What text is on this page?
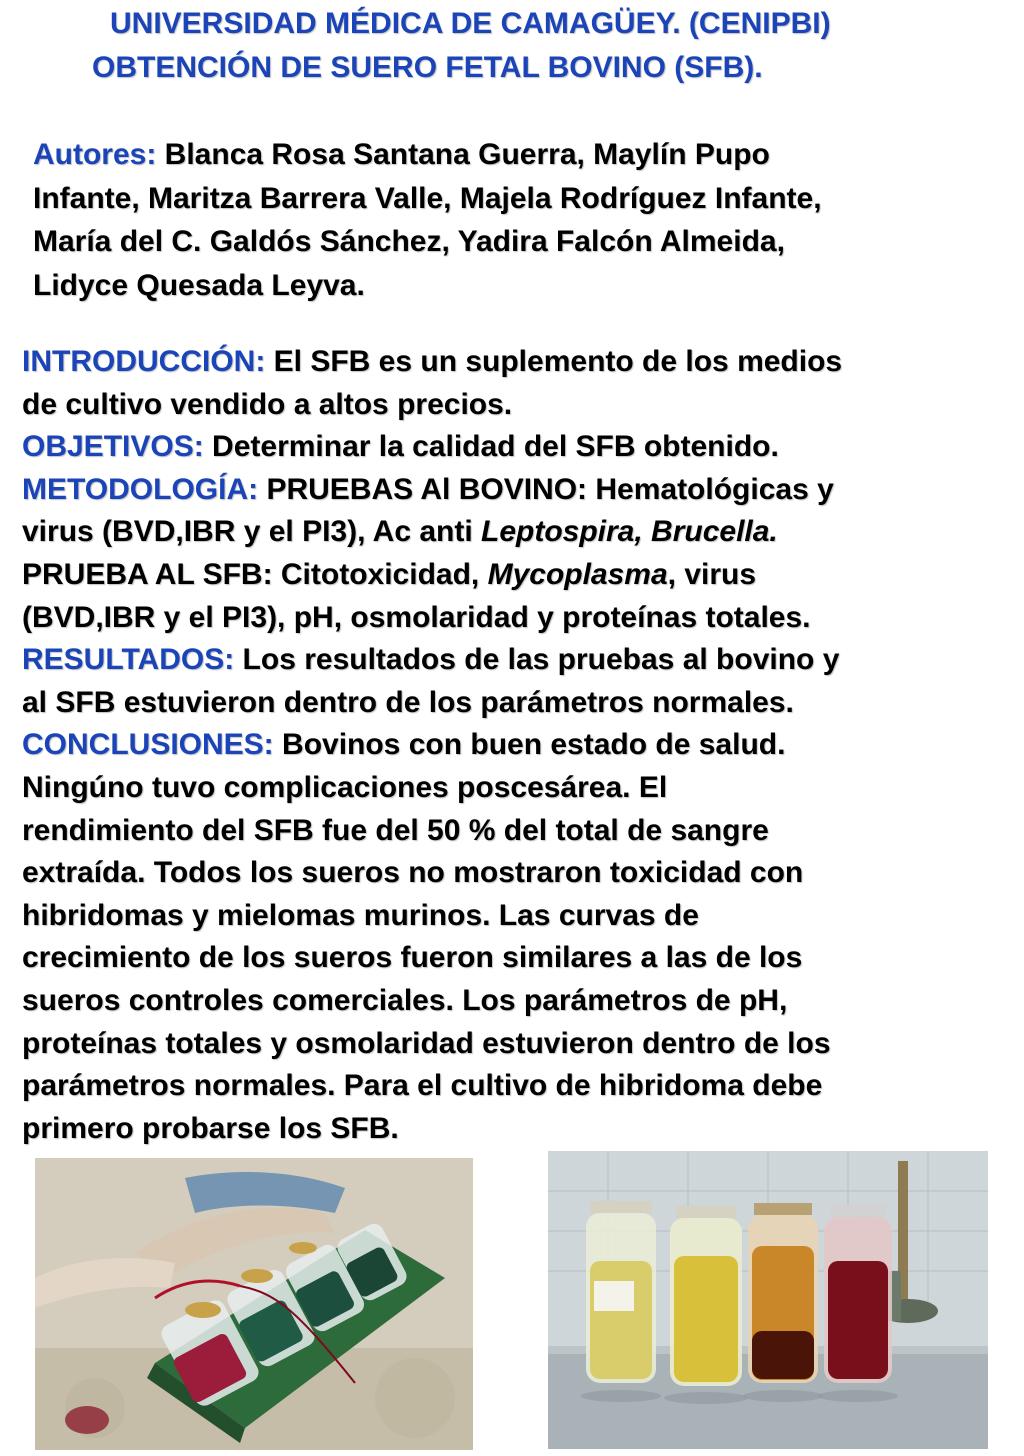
UNIVERSIDAD MÉDICA DE CAMAGÜEY. (CENIPBI)
OBTENCIÓN DE SUERO FETAL BOVINO (SFB).
Autores: Blanca Rosa Santana Guerra, Maylín Pupo
Infante, Maritza Barrera Valle, Majela Rodríguez Infante,
María del C. Galdós Sánchez, Yadira Falcón Almeida,
Lidyce Quesada Leyva.
INTRODUCCIÓN: El SFB es un suplemento de los medios
de cultivo vendido a altos precios.
OBJETIVOS: Determinar la calidad del SFB obtenido.
METODOLOGÍA: PRUEBAS Al BOVINO: Hematológicas y
virus (BVD,IBR y el PI3), Ac anti Leptospira, Brucella.
PRUEBA AL SFB: Citotoxicidad, Mycoplasma, virus
(BVD,IBR y el PI3), pH, osmolaridad y proteínas totales.
RESULTADOS: Los resultados de las pruebas al bovino y
al SFB estuvieron dentro de los parámetros normales.
CONCLUSIONES: Bovinos con buen estado de salud.
Ningúno tuvo complicaciones poscesárea. El
rendimiento del SFB fue del 50 % del total de sangre
extraída. Todos los sueros no mostraron toxicidad con
hibridomas y mielomas murinos. Las curvas de
crecimiento de los sueros fueron similares a las de los
sueros controles comerciales. Los parámetros de pH,
proteínas totales y osmolaridad estuvieron dentro de los
parámetros normales. Para el cultivo de hibridoma debe
primero probarse los SFB.
